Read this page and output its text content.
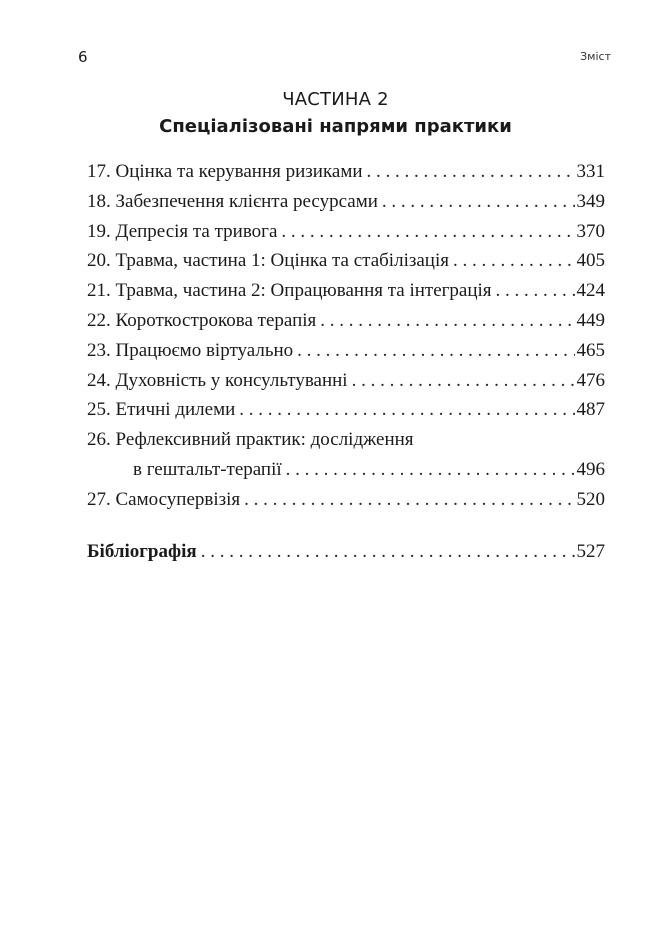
6	Зміст
ЧАСТИНА 2
Спеціалізовані напрями практики
17. Оцінка та керування ризиками . . .	331
18. Забезпечення клієнта ресурсами . . .	349
19. Депресія та тривога . . .	370
20. Травма, частина 1: Оцінка та стабілізація . . .	405
21. Травма, частина 2: Опрацювання та інтеграція . . .	424
22. Короткострокова терапія . . .	449
23. Працюємо віртуально . . .	465
24. Духовність у консультуванні . . .	476
25. Етичні дилеми . . .	487
26. Рефлексивний практик: дослідження
в гештальт-терапії . . .	496
27. Самосупервізія . . .	520
Бібліографія . . .	527
